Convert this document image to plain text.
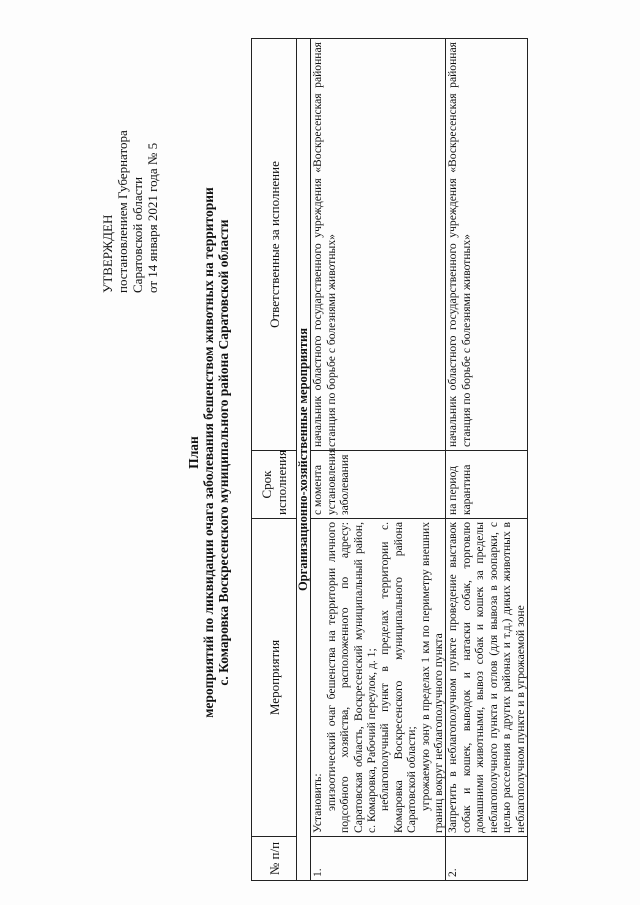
УТВЕРЖДЕН постановлением Губернатора Саратовской области от 14 января 2021 года № 5
План мероприятий по ликвидации очага заболевания бешенством животных на территории с. Комаровка Воскресенского муниципального района Саратовской области
№ п/п	Мероприятия	Срок исполнения	Ответственные за исполнение
Организационно-хозяйственные мероприятия			
1.	Установить: эпизоотический очаг бешенства на территории личного подсобного хозяйства, расположенного по адресу: Саратовская область, Воскресенский муниципальный район, с. Комаровка, Рабочий переулок, д. 1; неблагополучный пункт в пределах территории с. Комаровка Воскресенского муниципального района Саратовской области; угрожаемую зону в пределах 1 км по периметру внешних границ вокруг неблагополучного пункта	с момента установления заболевания	начальник областного государственного учреждения «Воскресенская районная станция по борьбе с болезнями животных»
2.	Запретить в неблагополучном пункте проведение выставок собак и кошек, выводок и натаски собак, торговлю домашними животными, вывоз собак и кошек за пределы неблагополучного пункта и отлов (для вывоза в зоопарки, с целью расселения в других районах и т.д.) диких животных в неблагополучном пункте и в угрожаемой зоне	на период карантина	начальник областного государственного учреждения «Воскресенская районная станция по борьбе с болезнями животных»
